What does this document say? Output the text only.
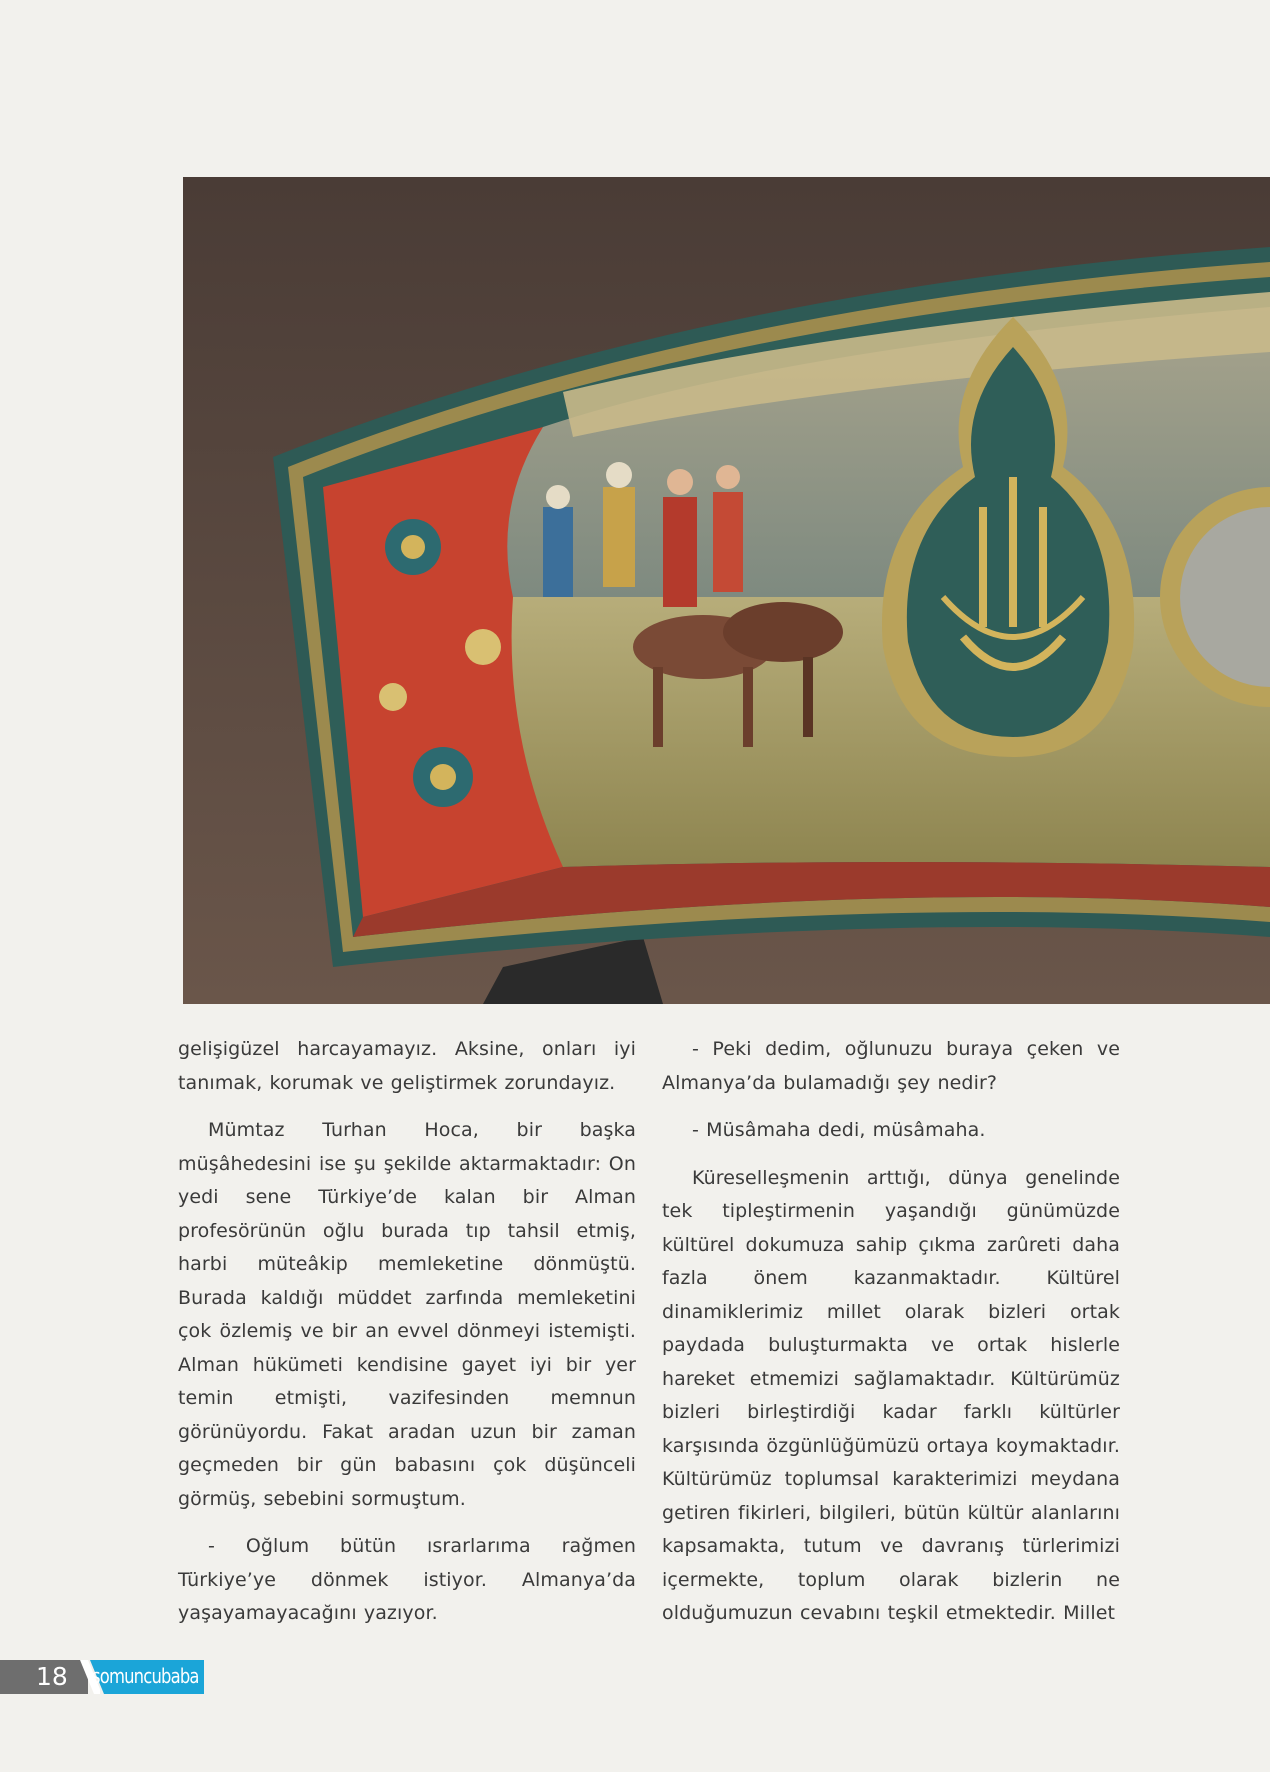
gelişigüzel harcayamayız. Aksine, onları iyi tanımak, korumak ve geliştirmek zorundayız.

Mümtaz Turhan Hoca, bir başka müşâhedesini ise şu şekilde aktarmaktadır: On yedi sene Türkiye’de kalan bir Alman profesörünün oğlu burada tıp tahsil etmiş, harbi müteâkip memleketine dönmüştü. Burada kaldığı müddet zarfında memleketini çok özlemiş ve bir an evvel dönmeyi istemişti. Alman hükümeti kendisine gayet iyi bir yer temin etmişti, vazifesinden memnun görünüyordu. Fakat aradan uzun bir zaman geçmeden bir gün babasını çok düşünceli görmüş, sebebini sormuştum.

- Oğlum bütün ısrarlarıma rağmen Türkiye’ye dönmek istiyor. Almanya’da yaşayamayacağını yazıyor.

- Peki dedim, oğlunuzu buraya çeken ve Almanya’da bulamadığı şey nedir?

- Müsâmaha dedi, müsâmaha.

Küreselleşmenin arttığı, dünya genelinde tek tipleştirmenin yaşandığı günümüzde kültürel dokumuza sahip çıkma zarûreti daha fazla önem kazanmaktadır. Kültürel dinamiklerimiz millet olarak bizleri ortak paydada buluşturmakta ve ortak hislerle hareket etmemizi sağlamaktadır. Kültürümüz bizleri birleştirdiği kadar farklı kültürler karşısında özgünlüğümüzü ortaya koymaktadır. Kültürümüz toplumsal karakterimizi meydana getiren fikirleri, bilgileri, bütün kültür alanlarını kapsamakta, tutum ve davranış türlerimizi içermekte, toplum olarak bizlerin ne olduğumuzun cevabını teşkil etmektedir. Millet

18 somuncubaba
